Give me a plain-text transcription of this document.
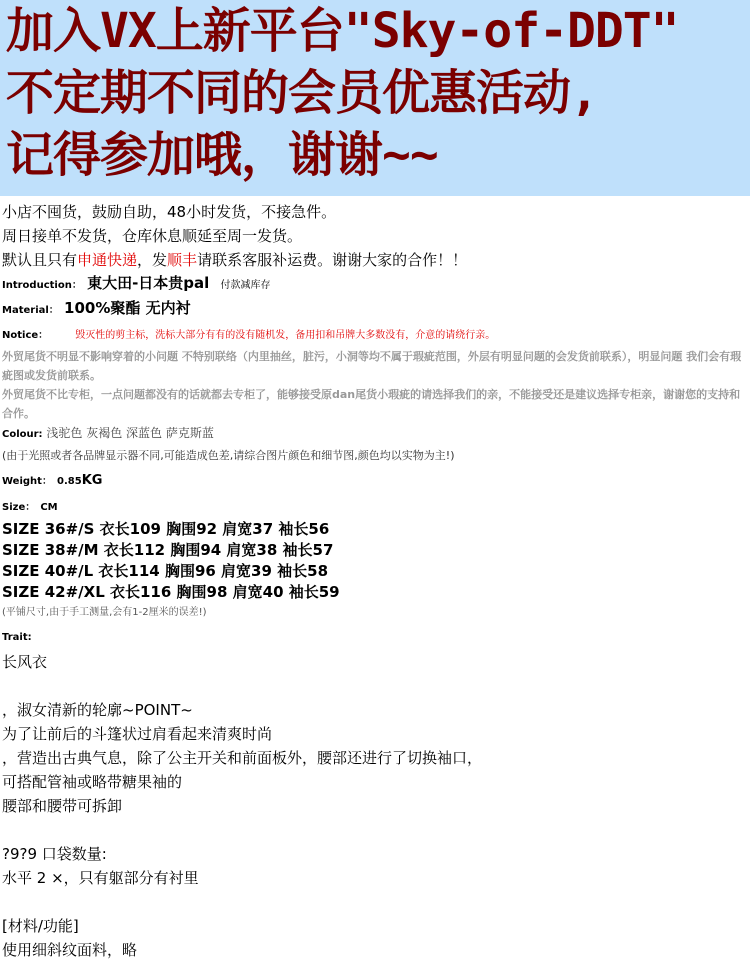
加入VX上新平台"Sky-of-DDT"
不定期不同的会员优惠活动,
记得参加哦，谢谢~~
小店不囤货，鼓励自助，48小时发货，不接急件。
周日接单不发货，仓库休息顺延至周一发货。
默认且只有申通快递，发顺丰请联系客服补运费。谢谢大家的合作！！
Introduction： 東大田-日本贵pal 付款减库存
Material： 100%聚酯 无内衬
Notice：	毁灭性的剪主标，洗标大部分有有的没有随机发，备用扣和吊牌大多数没有，介意的请绕行亲。
外贸尾货不明显不影响穿着的小问题 不特别联络（内里抽丝，脏污，小洞等均不属于瑕疵范围，外层有明显问题的会发货前联系），明显问题 我们会有瑕疵图或发货前联系。
外贸尾货不比专柜，一点问题都没有的话就都去专柜了，能够接受原dan尾货小瑕疵的请选择我们的亲，不能接受还是建议选择专柜亲，谢谢您的支持和合作。
Colour: 浅驼色 灰褐色 深蓝色 萨克斯蓝
(由于光照或者各品牌显示器不同,可能造成色差,请综合图片颜色和细节图,颜色均以实物为主!)
Weight： 0.85KG
Size： CM
SIZE 36#/S 衣长109 胸围92 肩宽37 袖长56
SIZE 38#/M 衣长112 胸围94 肩宽38 袖长57
SIZE 40#/L 衣长114 胸围96 肩宽39 袖长58
SIZE 42#/XL 衣长116 胸围98 肩宽40 袖长59
(平铺尺寸,由于手工测量,会有1-2厘米的误差!)
Trait:
长风衣
，淑女清新的轮廓~POINT~
为了让前后的斗篷状过肩看起来清爽时尚
，营造出古典气息，除了公主开关和前面板外，腰部还进行了切换袖口，
可搭配管袖或略带糖果袖的
腰部和腰带可拆卸
?9?9 口袋数量:
水平 2 ×，只有躯部分有衬里
[材料/功能]
使用细斜纹面料，略
